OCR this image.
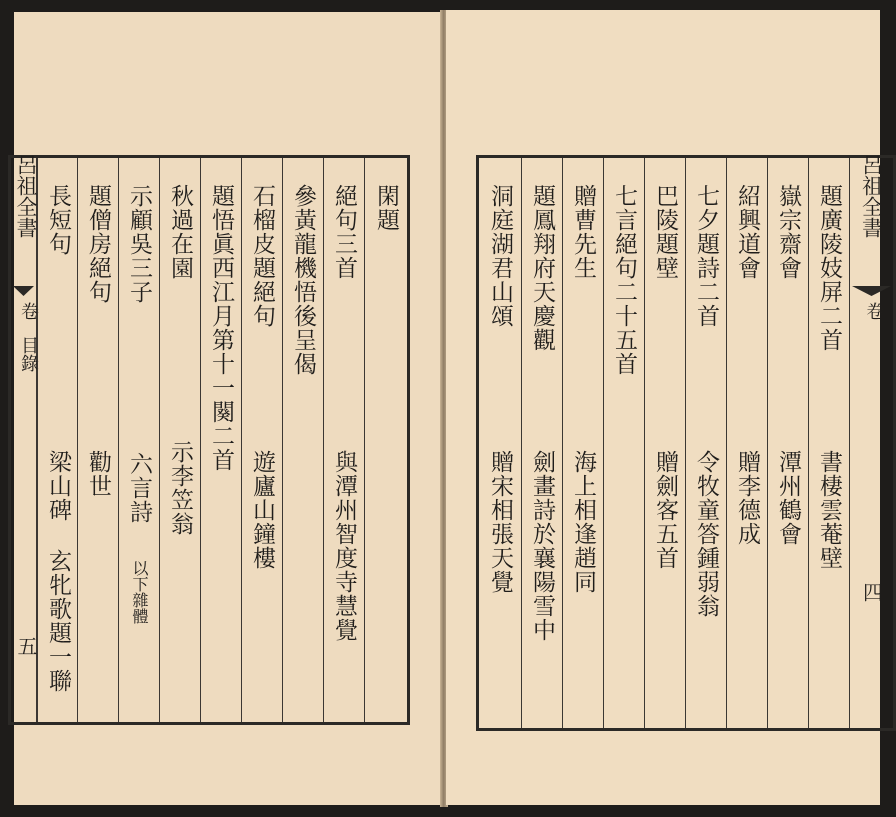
呂祖全書
卷
目錄
五
閑題
絕句三首
與潭州智度寺慧覺
參黃龍機悟後呈偈
石榴皮題絕句
遊廬山鐘樓
題悟眞西江月第十一闋二首
秋過在園
示李笠翁
示顧吳三子
六言詩
以下雜體
題僧房絕句
勸世
長短句
梁山碑 玄牝歌題一聯
呂祖全書
卷
四
題廣陵妓屏二首
書棲雲菴壁
嶽宗齋會
潭州鶴會
紹興道會
贈李德成
七夕題詩二首
令牧童答鍾弱翁
巴陵題壁
贈劍客五首
七言絕句二十五首
贈曹先生
海上相逢趙同
題鳳翔府天慶觀
劍畫詩於襄陽雪中
洞庭湖君山頌
贈宋相張天覺
